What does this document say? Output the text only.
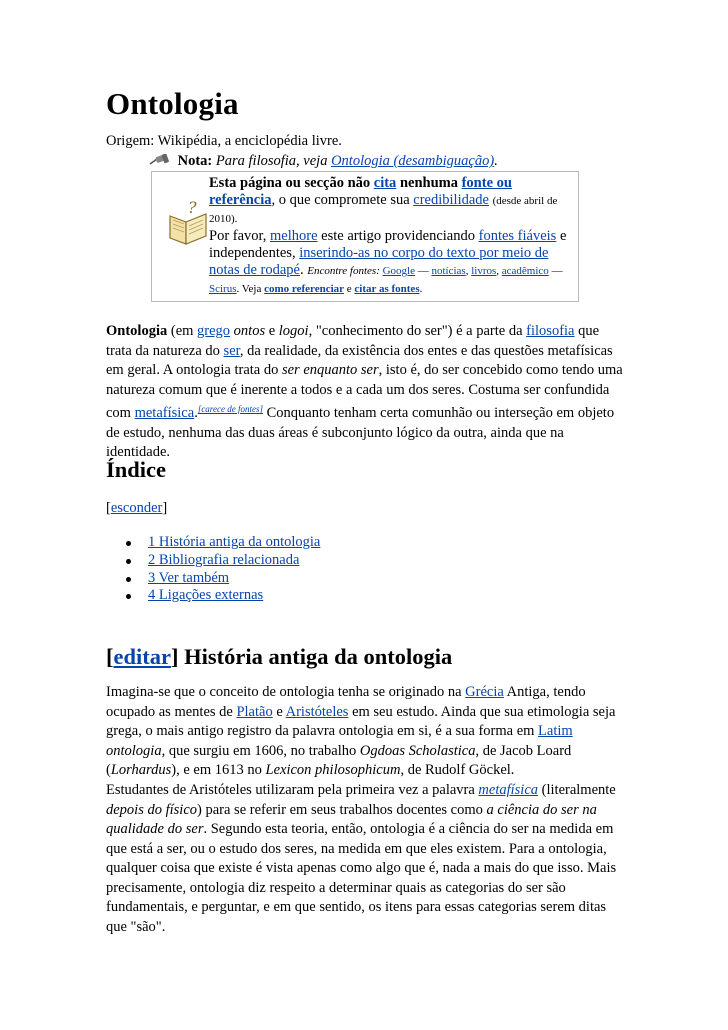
Ontologia
Origem: Wikipédia, a enciclopédia livre.
Nota: Para filosofia, veja Ontologia (desambiguação).
?
Esta página ou secção não cita nenhuma fonte ou referência, o que compromete sua credibilidade (desde abril de 2010).
Por favor, melhore este artigo providenciando fontes fiáveis e independentes, inserindo-as no corpo do texto por meio de notas de rodapé. Encontre fontes: Google — notícias, livros, acadêmico — Scirus. Veja como referenciar e citar as fontes.
Ontologia (em grego ontos e logoi, "conhecimento do ser") é a parte da filosofia que trata da natureza do ser, da realidade, da existência dos entes e das questões metafísicas em geral. A ontologia trata do ser enquanto ser, isto é, do ser concebido como tendo uma natureza comum que é inerente a todos e a cada um dos seres. Costuma ser confundida com metafísica.[carece de fontes] Conquanto tenham certa comunhão ou interseção em objeto de estudo, nenhuma das duas áreas é subconjunto lógico da outra, ainda que na identidade.
Índice
[esconder]
1 História antiga da ontologia
2 Bibliografia relacionada
3 Ver também
4 Ligações externas
[editar] História antiga da ontologia
Imagina-se que o conceito de ontologia tenha se originado na Grécia Antiga, tendo ocupado as mentes de Platão e Aristóteles em seu estudo. Ainda que sua etimologia seja grega, o mais antigo registro da palavra ontologia em si, é a sua forma em Latim ontologia, que surgiu em 1606, no trabalho Ogdoas Scholastica, de Jacob Loard (Lorhardus), e em 1613 no Lexicon philosophicum, de Rudolf Göckel.
Estudantes de Aristóteles utilizaram pela primeira vez a palavra metafísica (literalmente depois do físico) para se referir em seus trabalhos docentes como a ciência do ser na qualidade do ser. Segundo esta teoria, então, ontologia é a ciência do ser na medida em que está a ser, ou o estudo dos seres, na medida em que eles existem. Para a ontologia, qualquer coisa que existe é vista apenas como algo que é, nada a mais do que isso. Mais precisamente, ontologia diz respeito a determinar quais as categorias do ser são fundamentais, e perguntar, e em que sentido, os itens para essas categorias serem ditas que "são".
